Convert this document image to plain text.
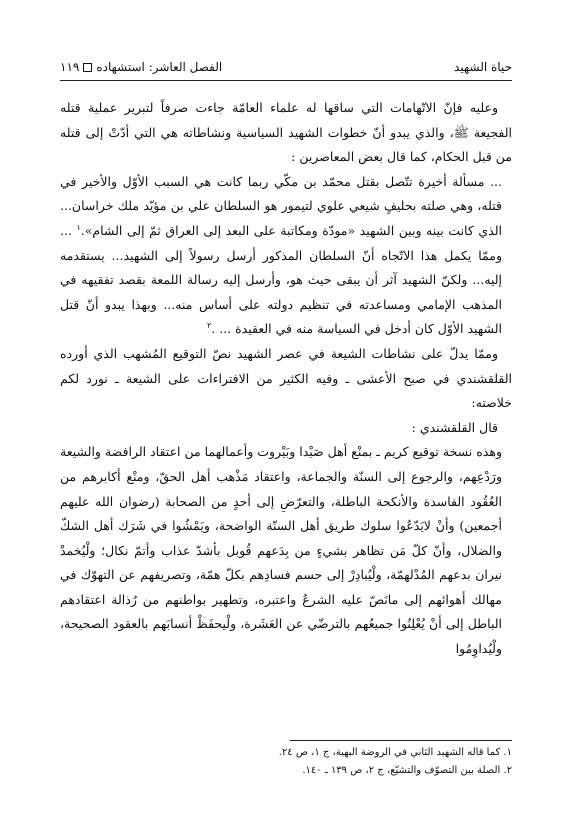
حياة الشهيد
الفصل العاشر: استشهاده١١٩

وعليه فإنّ الاتّهامات التي ساقها له علماء العامّة جاءت صرفاً لتبرير عملية قتله الفجيعة ﷺ، والذي يبدو أنّ خطوات الشهيد السياسية ونشاطاته هي التي أدّتْ إلى قتله من قبل الحكام، كما قال بعض المعاصرين :

... مسألة أخيرة تتّصل بقتل محمّد بن مكّي ربما كانت هي السبب الأوّل والأخير في قتله، وهي صلته بحليفٍ شيعي علوي لتيمور هو السلطان علي بن مؤيّد ملك خراسان... الذي كانت بينه وبين الشهيد «مودّة ومكاتبة على البعد إلى العراق ثمّ إلى الشام».$^١$ ... وممّا يكمل هذا الاتّجاه أنّ السلطان المذكور أرسل رسولاً إلى الشهيد... يستقدمه إليه... ولكنّ الشهيد آثر أن يبقى حيث هو، وأرسل إليه رسالة اللمعة بقصد تفقيهه في المذهب الإمامي ومساعدته في تنظيم دولته على أساس منه... وبهذا يبدو أنّ قتل الشهيد الأوّل كان أدخل في السياسة منه في العقيدة ... .$^٢$

وممّا يدلّ على نشاطات الشيعة في عصر الشهيد نصّ التوقيع المُشهب الذي أورده القلقشندي في صبح الأعشى ـ وفيه الكثير من الافتراءات على الشيعة ـ نورد لكم خلاصته:

قال القلقشندي :

وهذه نسخة توقيع كريم ـ بمنْع أهل صَيْدا وبَيْروت وأعمالهما من اعتقاد الرافضة والشيعة ورَدْعِهم، والرجوع إلى السنّة والجماعة، واعتقاد مَذْهب أهل الحقّ، ومنْع أكابرهم من العُقُود الفاسدة والأنكحة الباطلة، والتعرّضِ إلى أحدٍ من الصحابة (رضوان الله عليهم أجمعين) وأنْ لايَدّعُوا سلوك طريق أهل السنّة الواضحة، ويَمْشُوا في شَرَك أهل الشكّ والضلال، وأنّ كلّ مَن تظاهر بشيءٍ من بِدَعهم قُوبل بأشدّ عذاب وأتمّ نكال؛ ولْيُخمدْ نيران بدعهم المُدْلهمّة، ولْيُبادِرْ إلى حسم فسادِهم بكلّ همّة، وتصريفهم عن التهوّك في مهالك أهوائهم إلى مانَصّ عليه الشرعُ واعتبره، وتطهير بواطنهم من رُذالة اعتقادهم الباطل إلى أنْ يُعْلِنُوا جميعُهم بالترضّي عن العَشَرة، ولْيحفَظْ أنسابَهم بالعقود الصحيحة، ولْيُداوِمُوا

١. كما قاله الشهيد الثاني في الروضة البهية، ج ١، ص ٢٤.

٢. الصلة بين التصوّف والتشيّع، ج ٢، ص ١٣٩ ـ ١٤٠.
